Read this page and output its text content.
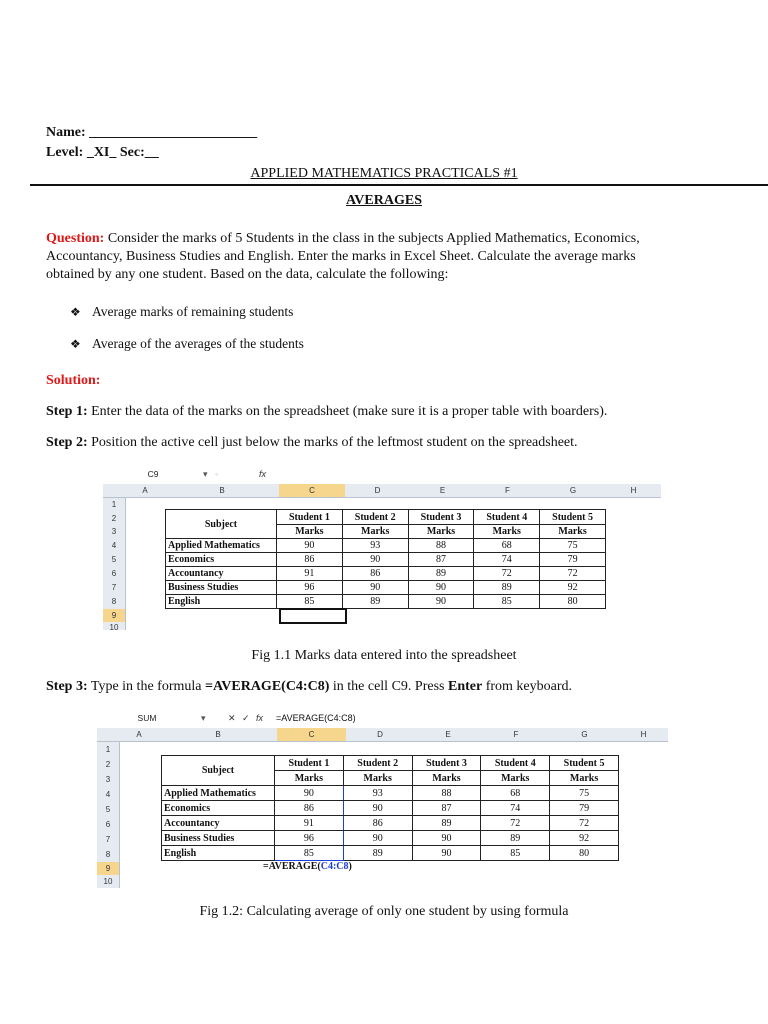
Name: ________________________
Level: _XI_ Sec:__
APPLIED MATHEMATICS PRACTICALS #1
AVERAGES
Question: Consider the marks of 5 Students in the class in the subjects Applied Mathematics, Economics,
Accountancy, Business Studies and English. Enter the marks in Excel Sheet. Calculate the average marks
obtained by any one student. Based on the data, calculate the following:
❖ Average marks of remaining students
❖ Average of the averages of the students
Solution:
Step 1: Enter the data of the marks on the spreadsheet (make sure it is a proper table with boarders).
Step 2: Position the active cell just below the marks of the leftmost student on the spreadsheet.
C9	▾ ◦	fx
A	B	C	D	E	F	G	H
1
2
3
4
5
6
7
8
9
10
Subject	Student 1	Student 2	Student 3	Student 4	Student 5
	Marks	Marks	Marks	Marks	Marks
Applied Mathematics	90	93	88	68	75
Economics	86	90	87	74	79
Accountancy	91	86	89	72	72
Business Studies	96	90	90	89	92
English	85	89	90	85	80
Fig 1.1 Marks data entered into the spreadsheet
Step 3: Type in the formula =AVERAGE(C4:C8) in the cell C9. Press Enter from keyboard.
SUM	▾ ✕ ✓ fx =AVERAGE(C4:C8)
A	B	C	D	E	F	G	H
1
2
3
4
5
6
7
8
9
10
Subject	Student 1	Student 2	Student 3	Student 4	Student 5
	Marks	Marks	Marks	Marks	Marks
Applied Mathematics	90	93	88	68	75
Economics	86	90	87	74	79
Accountancy	91	86	89	72	72
Business Studies	96	90	90	89	92
English	85	89	90	85	80
=AVERAGE(C4:C8)
Fig 1.2: Calculating average of only one student by using formula
